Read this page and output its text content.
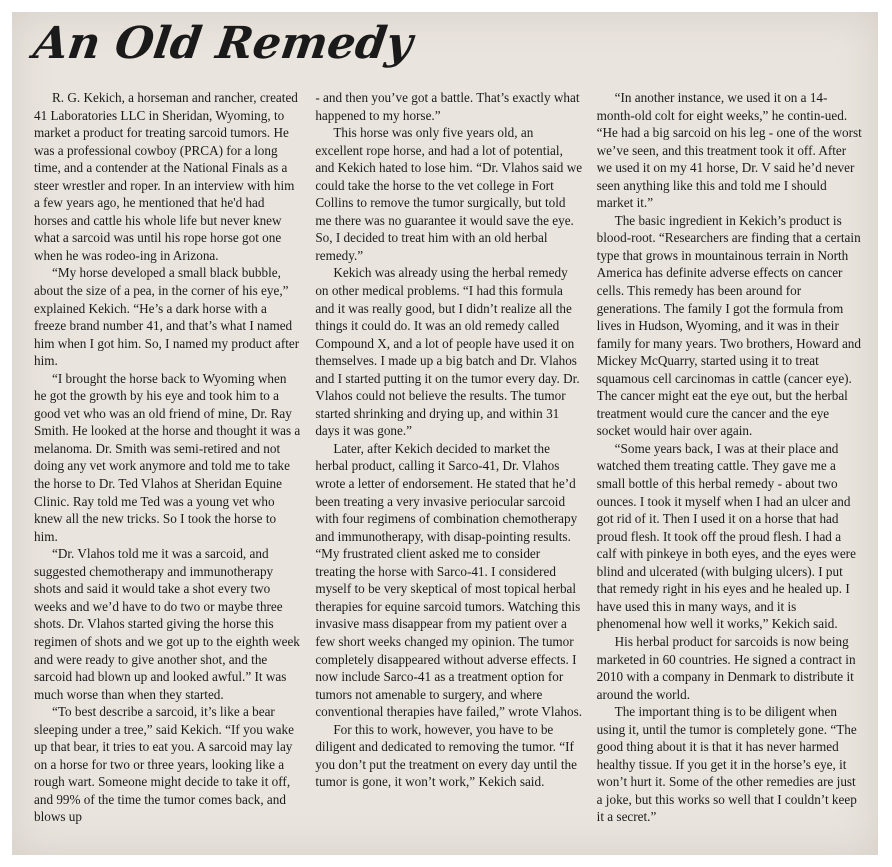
An Old Remedy

R. G. Kekich, a horseman and rancher, created 41 Laboratories LLC in Sheridan, Wyoming, to market a product for treating sarcoid tumors. He was a professional cowboy (PRCA) for a long time, and a contender at the National Finals as a steer wrestler and roper. In an interview with him a few years ago, he mentioned that he'd had horses and cattle his whole life but never knew what a sarcoid was until his rope horse got one when he was rodeo-ing in Arizona.

“My horse developed a small black bubble, about the size of a pea, in the corner of his eye,” explained Kekich. “He’s a dark horse with a freeze brand number 41, and that’s what I named him when I got him. So, I named my product after him.

“I brought the horse back to Wyoming when he got the growth by his eye and took him to a good vet who was an old friend of mine, Dr. Ray Smith. He looked at the horse and thought it was a melanoma. Dr. Smith was semi-retired and not doing any vet work anymore and told me to take the horse to Dr. Ted Vlahos at Sheridan Equine Clinic. Ray told me Ted was a young vet who knew all the new tricks. So I took the horse to him.

“Dr. Vlahos told me it was a sarcoid, and suggested chemotherapy and immunotherapy shots and said it would take a shot every two weeks and we’d have to do two or maybe three shots. Dr. Vlahos started giving the horse this regimen of shots and we got up to the eighth week and were ready to give another shot, and the sarcoid had blown up and looked awful.” It was much worse than when they started.

“To best describe a sarcoid, it’s like a bear sleeping under a tree,” said Kekich. “If you wake up that bear, it tries to eat you. A sarcoid may lay on a horse for two or three years, looking like a rough wart. Someone might decide to take it off, and 99% of the time the tumor comes back, and blows up

- and then you’ve got a battle. That’s exactly what happened to my horse.”

This horse was only five years old, an excellent rope horse, and had a lot of potential, and Kekich hated to lose him. “Dr. Vlahos said we could take the horse to the vet college in Fort Collins to remove the tumor surgically, but told me there was no guarantee it would save the eye. So, I decided to treat him with an old herbal remedy.”

Kekich was already using the herbal remedy on other medical problems. “I had this formula and it was really good, but I didn’t realize all the things it could do. It was an old remedy called Compound X, and a lot of people have used it on themselves. I made up a big batch and Dr. Vlahos and I started putting it on the tumor every day. Dr. Vlahos could not believe the results. The tumor started shrinking and drying up, and within 31 days it was gone.”

Later, after Kekich decided to market the herbal product, calling it Sarco-41, Dr. Vlahos wrote a letter of endorsement. He stated that he’d been treating a very invasive periocular sarcoid with four regimens of combination chemotherapy and immunotherapy, with disap-pointing results. “My frustrated client asked me to consider treating the horse with Sarco-41. I considered myself to be very skeptical of most topical herbal therapies for equine sarcoid tumors. Watching this invasive mass disappear from my patient over a few short weeks changed my opinion. The tumor completely disappeared without adverse effects. I now include Sarco-41 as a treatment option for tumors not amenable to surgery, and where conventional therapies have failed,” wrote Vlahos.

For this to work, however, you have to be diligent and dedicated to removing the tumor. “If you don’t put the treatment on every day until the tumor is gone, it won’t work,” Kekich said.

“In another instance, we used it on a 14-month-old colt for eight weeks,” he contin-ued. “He had a big sarcoid on his leg - one of the worst we’ve seen, and this treatment took it off. After we used it on my 41 horse, Dr. V said he’d never seen anything like this and told me I should market it.”

The basic ingredient in Kekich’s product is blood-root. “Researchers are finding that a certain type that grows in mountainous terrain in North America has definite adverse effects on cancer cells. This remedy has been around for generations. The family I got the formula from lives in Hudson, Wyoming, and it was in their family for many years. Two brothers, Howard and Mickey McQuarry, started using it to treat squamous cell carcinomas in cattle (cancer eye). The cancer might eat the eye out, but the herbal treatment would cure the cancer and the eye socket would hair over again.

“Some years back, I was at their place and watched them treating cattle. They gave me a small bottle of this herbal remedy - about two ounces. I took it myself when I had an ulcer and got rid of it. Then I used it on a horse that had proud flesh. It took off the proud flesh. I had a calf with pinkeye in both eyes, and the eyes were blind and ulcerated (with bulging ulcers). I put that remedy right in his eyes and he healed up. I have used this in many ways, and it is phenomenal how well it works,” Kekich said.

His herbal product for sarcoids is now being marketed in 60 countries. He signed a contract in 2010 with a company in Denmark to distribute it around the world.

The important thing is to be diligent when using it, until the tumor is completely gone. “The good thing about it is that it has never harmed healthy tissue. If you get it in the horse’s eye, it won’t hurt it. Some of the other remedies are just a joke, but this works so well that I couldn’t keep it a secret.”
